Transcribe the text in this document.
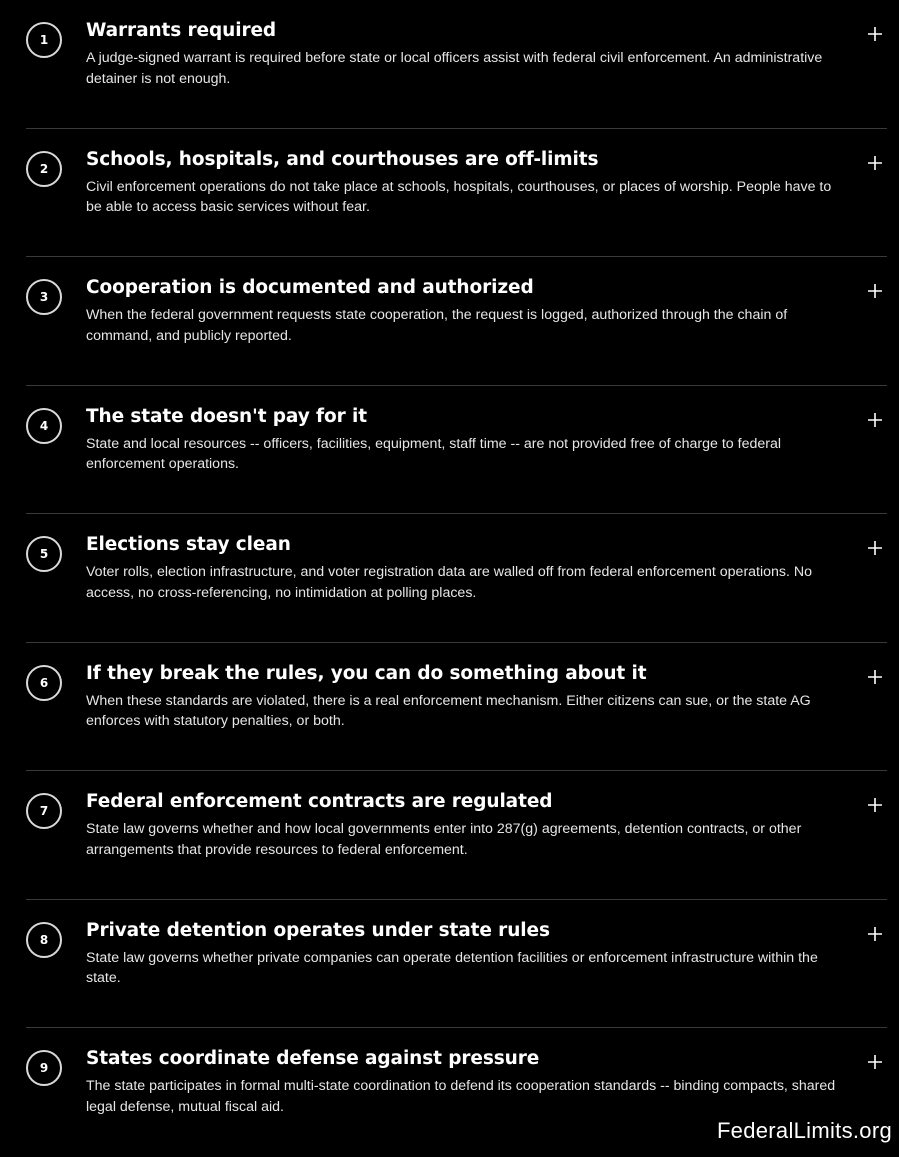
1	Warrants required

A judge-signed warrant is required before state or local officers assist with federal civil enforcement. An administrative detainer is not enough.

2	Schools, hospitals, and courthouses are off-limits

Civil enforcement operations do not take place at schools, hospitals, courthouses, or places of worship. People have to be able to access basic services without fear.

3	Cooperation is documented and authorized

When the federal government requests state cooperation, the request is logged, authorized through the chain of command, and publicly reported.

4	The state doesn't pay for it

State and local resources -- officers, facilities, equipment, staff time -- are not provided free of charge to federal enforcement operations.

5	Elections stay clean

Voter rolls, election infrastructure, and voter registration data are walled off from federal enforcement operations. No access, no cross-referencing, no intimidation at polling places.

6	If they break the rules, you can do something about it

When these standards are violated, there is a real enforcement mechanism. Either citizens can sue, or the state AG enforces with statutory penalties, or both.

7	Federal enforcement contracts are regulated

State law governs whether and how local governments enter into 287(g) agreements, detention contracts, or other arrangements that provide resources to federal enforcement.

8	Private detention operates under state rules

State law governs whether private companies can operate detention facilities or enforcement infrastructure within the state.

9	States coordinate defense against pressure

The state participates in formal multi-state coordination to defend its cooperation standards -- binding compacts, shared legal defense, mutual fiscal aid.

FederalLimits.org
